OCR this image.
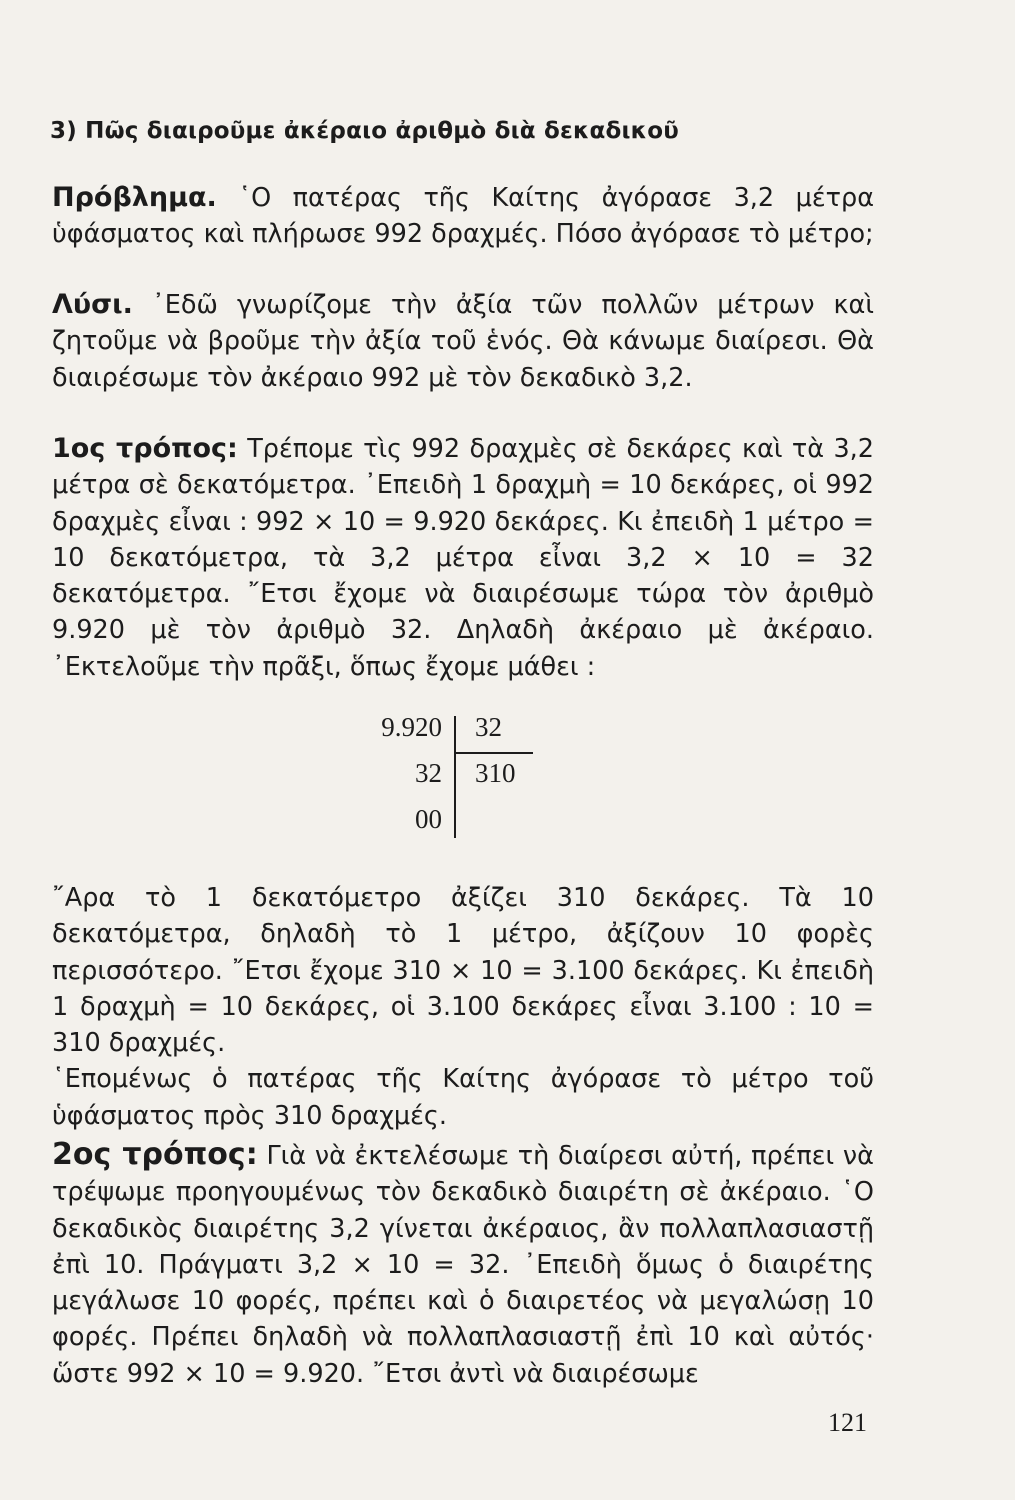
3) Πῶς διαιροῦμε ἀκέραιο ἀριθμὸ διὰ δεκαδικοῦ
Πρόβλημα. ῾Ο πατέρας τῆς Καίτης ἀγόρασε 3,2 μέτρα ὑφάσματος καὶ πλήρωσε 992 δραχμές. Πόσο ἀγόρασε τὸ μέτρο;
Λύσι. ᾿Εδῶ γνωρίζομε τὴν ἀξία τῶν πολλῶν μέτρων καὶ ζητοῦμε νὰ βροῦμε τὴν ἀξία τοῦ ἑνός. Θὰ κάνωμε διαίρεσι. Θὰ διαιρέσωμε τὸν ἀκέραιο 992 μὲ τὸν δεκαδικὸ 3,2.
1ος τρόπος: Τρέπομε τὶς 992 δραχμὲς σὲ δεκάρες καὶ τὰ 3,2 μέτρα σὲ δεκατόμετρα. ᾿Επειδὴ 1 δραχμὴ = 10 δεκάρες, οἱ 992 δραχμὲς εἶναι : 992 × 10 = 9.920 δεκάρες. Κι ἐπειδὴ 1 μέτρο = 10 δεκατόμετρα, τὰ 3,2 μέτρα εἶναι 3,2 × 10 = 32 δεκατόμετρα. ῎Ετσι ἔχομε νὰ διαιρέσωμε τώρα τὸν ἀριθμὸ 9.920 μὲ τὸν ἀριθμὸ 32. Δηλαδὴ ἀκέραιο μὲ ἀκέραιο. ᾿Εκτελοῦμε τὴν πρᾶξι, ὅπως ἔχομε μάθει :
9.920 32
32 310
00
῎Αρα τὸ 1 δεκατόμετρο ἀξίζει 310 δεκάρες. Τὰ 10 δεκατόμετρα, δηλαδὴ τὸ 1 μέτρο, ἀξίζουν 10 φορὲς περισσότερο. ῎Ετσι ἔχομε 310 × 10 = 3.100 δεκάρες. Κι ἐπειδὴ 1 δραχμὴ = 10 δεκάρες, οἱ 3.100 δεκάρες εἶναι 3.100 : 10 = 310 δραχμές.
῾Επομένως ὁ πατέρας τῆς Καίτης ἀγόρασε τὸ μέτρο τοῦ ὑφάσματος πρὸς 310 δραχμές.
2ος τρόπος: Γιὰ νὰ ἐκτελέσωμε τὴ διαίρεσι αὐτή, πρέπει νὰ τρέψωμε προηγουμένως τὸν δεκαδικὸ διαιρέτη σὲ ἀκέραιο. ῾Ο δεκαδικὸς διαιρέτης 3,2 γίνεται ἀκέραιος, ἂν πολλαπλασιαστῇ ἐπὶ 10. Πράγματι 3,2 × 10 = 32. ᾿Επειδὴ ὅμως ὁ διαιρέτης μεγάλωσε 10 φορές, πρέπει καὶ ὁ διαιρετέος νὰ μεγαλώσῃ 10 φορές. Πρέπει δηλαδὴ νὰ πολλαπλασιαστῇ ἐπὶ 10 καὶ αὐτός· ὥστε 992 × 10 = 9.920. ῎Ετσι ἀντὶ νὰ διαιρέσωμε
121
